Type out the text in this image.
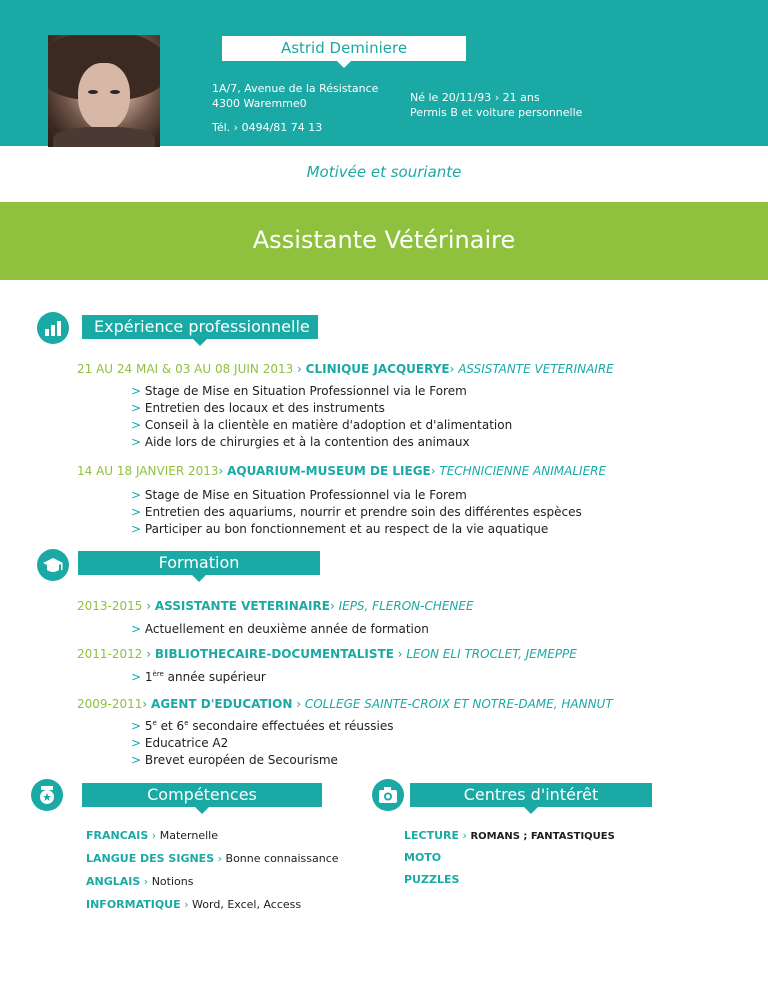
Astrid Deminiere
1A/7, Avenue de la Résistance
4300 Waremme0
Tél. › 0494/81 74 13
Né le 20/11/93 › 21 ans
Permis B et voiture personnelle
Motivée et souriante
Assistante Vétérinaire
Expérience professionnelle
21 AU 24 MAI & 03 AU 08 JUIN 2013 › CLINIQUE JACQUERYE› ASSISTANTE VETERINAIRE
> Stage de Mise en Situation Professionnel via le Forem
> Entretien des locaux et des instruments
> Conseil à la clientèle en matière d'adoption et d'alimentation
> Aide lors de chirurgies et à la contention des animaux
14 AU 18 JANVIER 2013› AQUARIUM-MUSEUM DE LIEGE› TECHNICIENNE ANIMALIERE
> Stage de Mise en Situation Professionnel via le Forem
> Entretien des aquariums, nourrir et prendre soin des différentes espèces
> Participer au bon fonctionnement et au respect de la vie aquatique
Formation
2013-2015 › ASSISTANTE VETERINAIRE› IEPS, FLERON-CHENEE
> Actuellement en deuxième année de formation
2011-2012 › BIBLIOTHECAIRE-DOCUMENTALISTE › LEON ELI TROCLET, JEMEPPE
> 1ère année supérieur
2009-2011› AGENT D'EDUCATION › COLLEGE SAINTE-CROIX ET NOTRE-DAME, HANNUT
> $5^e$ et 6e secondaire effectuées et réussies
> Educatrice A2
> Brevet européen de Secourisme
Compétences
FRANCAIS › Maternelle
LANGUE DES SIGNES › Bonne connaissance
ANGLAIS › Notions
INFORMATIQUE › Word, Excel, Access
Centres d'intérêt
LECTURE › ROMANS ; FANTASTIQUES
MOTO
PUZZLES
